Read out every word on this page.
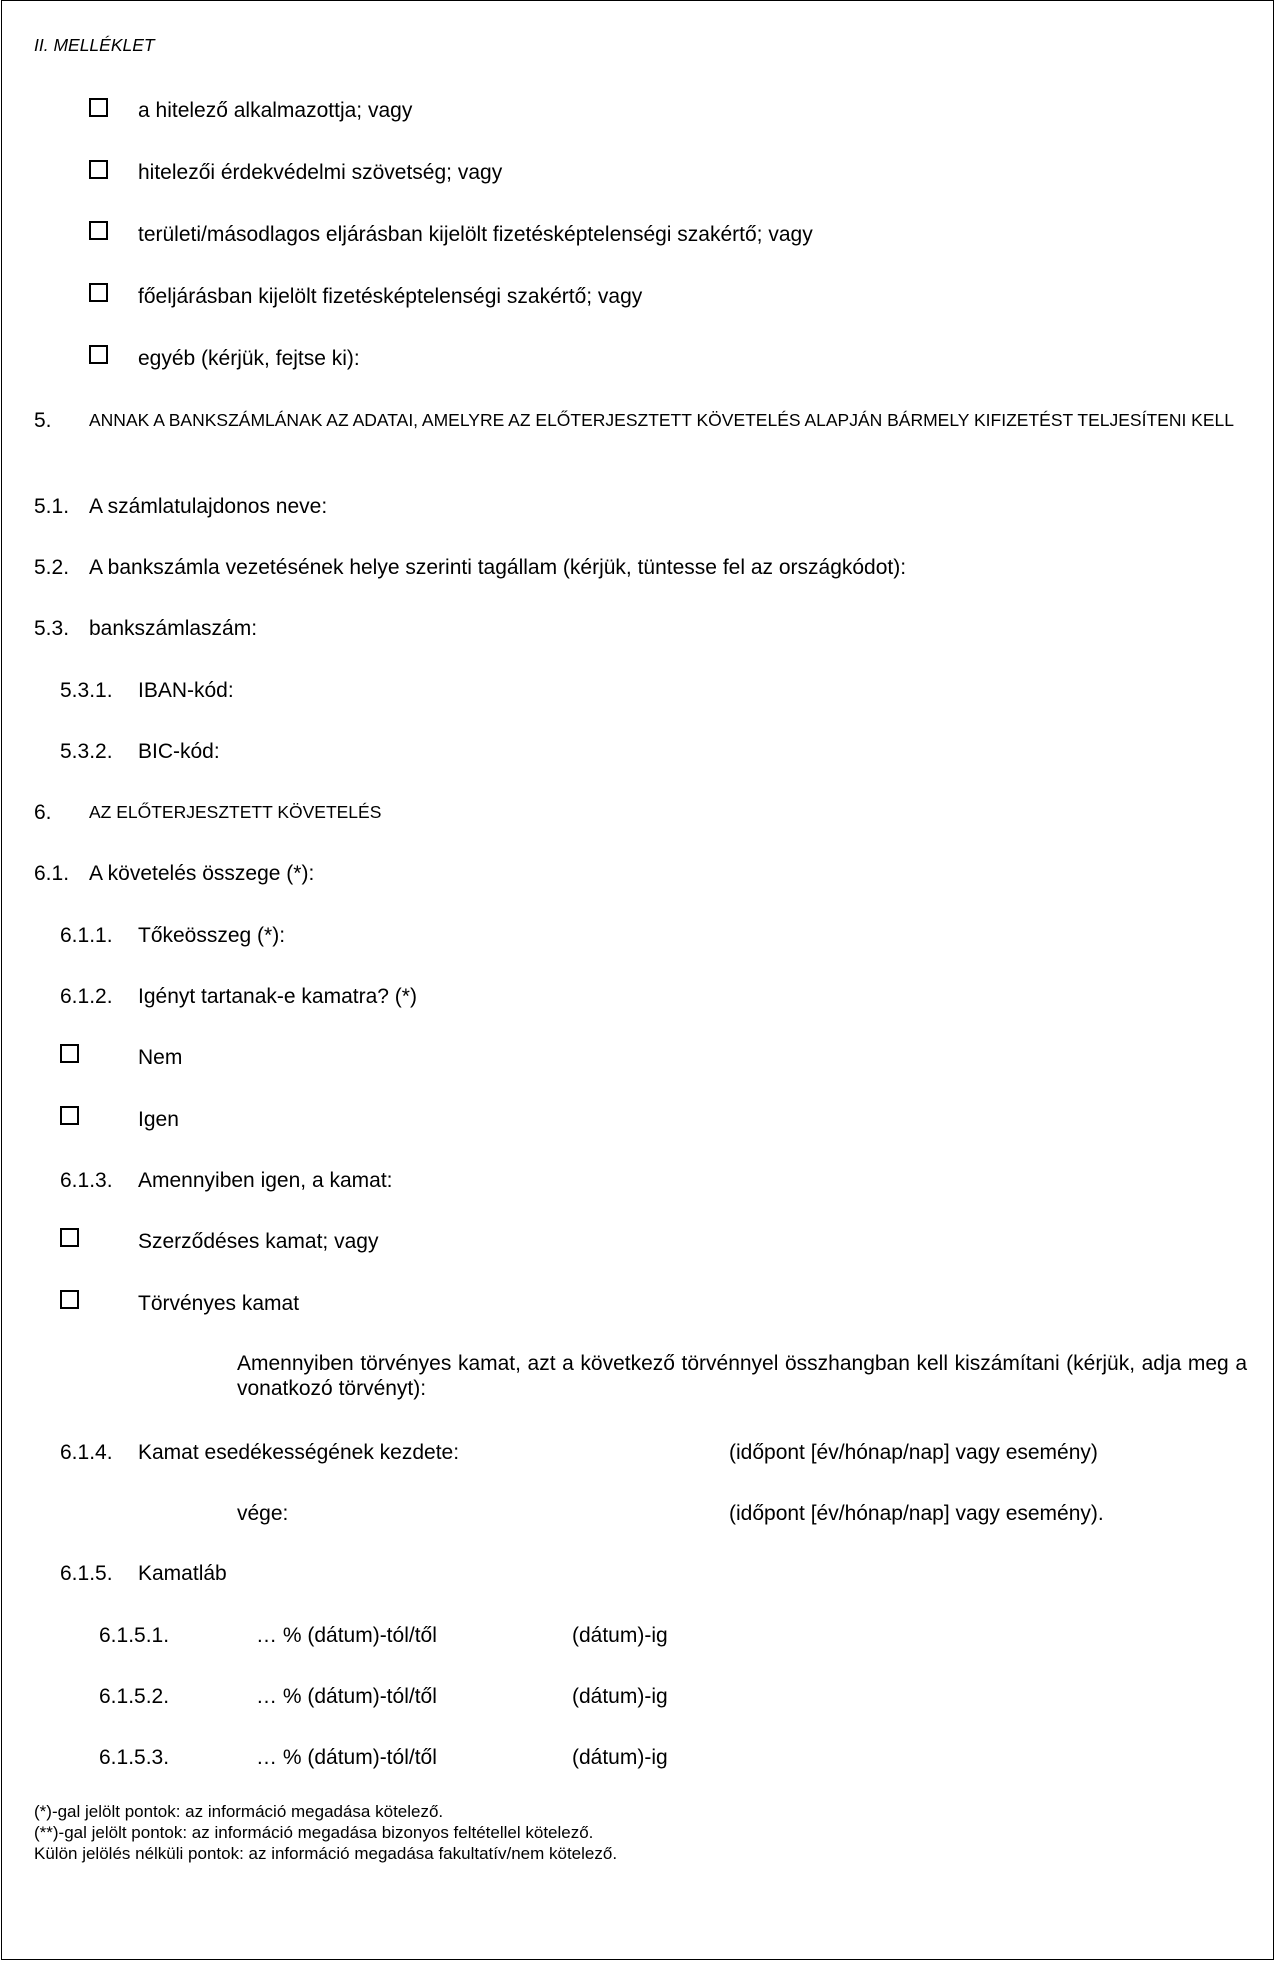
II. MELLÉKLET
a hitelező alkalmazottja; vagy
hitelezői érdekvédelmi szövetség; vagy
területi/másodlagos eljárásban kijelölt fizetésképtelenségi szakértő; vagy
főeljárásban kijelölt fizetésképtelenségi szakértő; vagy
egyéb (kérjük, fejtse ki):
5. ANNAK A BANKSZÁMLÁNAK AZ ADATAI, AMELYRE AZ ELŐTERJESZTETT KÖVETELÉS ALAPJÁN BÁRMELY KIFIZETÉST TELJESÍTENI KELL
5.1. A számlatulajdonos neve:
5.2. A bankszámla vezetésének helye szerinti tagállam (kérjük, tüntesse fel az országkódot):
5.3. bankszámlaszám:
5.3.1. IBAN-kód:
5.3.2. BIC-kód:
6. AZ ELŐTERJESZTETT KÖVETELÉS
6.1. A követelés összege (*):
6.1.1. Tőkeösszeg (*):
6.1.2. Igényt tartanak-e kamatra? (*)
Nem
Igen
6.1.3. Amennyiben igen, a kamat:
Szerződéses kamat; vagy
Törvényes kamat
Amennyiben törvényes kamat, azt a következő törvénnyel összhangban kell kiszámítani (kérjük, adja meg a vonatkozó törvényt):
6.1.4. Kamat esedékességének kezdete:	(időpont [év/hónap/nap] vagy esemény)
vége:	(időpont [év/hónap/nap] vagy esemény).
6.1.5. Kamatláb
6.1.5.1.	… % (dátum)-tól/től	(dátum)-ig
6.1.5.2.	… % (dátum)-tól/től	(dátum)-ig
6.1.5.3.	… % (dátum)-tól/től	(dátum)-ig
(*)-gal jelölt pontok: az információ megadása kötelező.
(**)-gal jelölt pontok: az információ megadása bizonyos feltétellel kötelező.
Külön jelölés nélküli pontok: az információ megadása fakultatív/nem kötelező.
